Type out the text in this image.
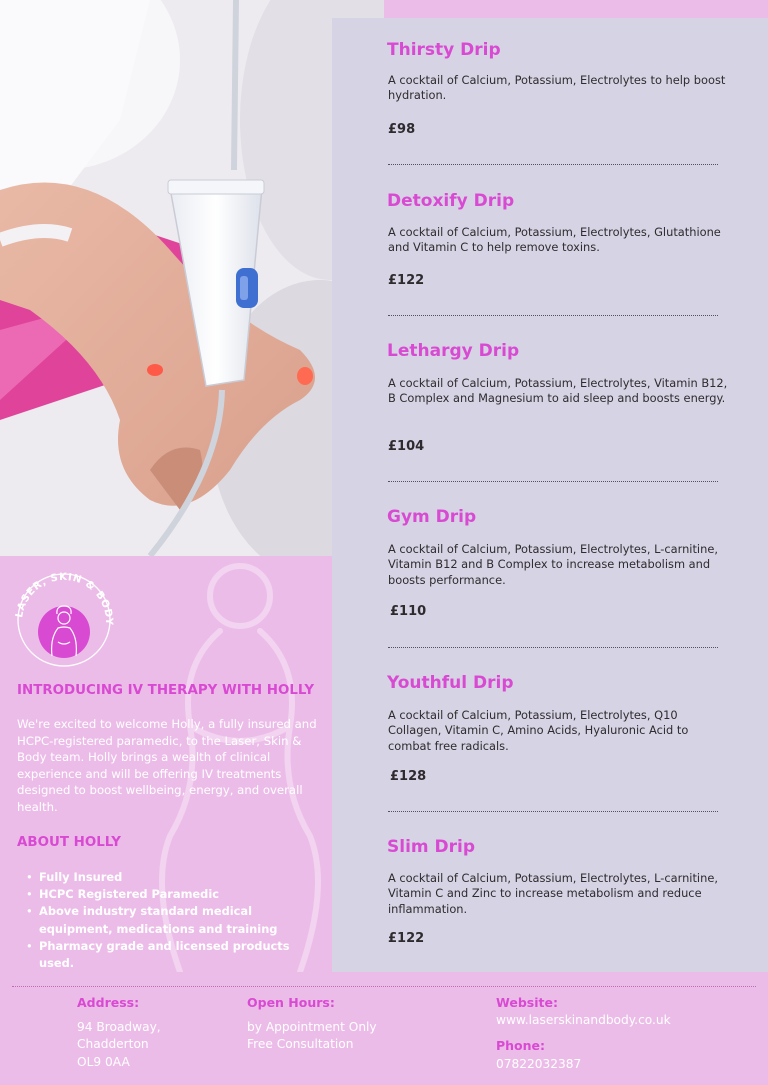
Thirsty Drip
A cocktail of Calcium, Potassium, Electrolytes to help boost hydration.
£98
Detoxify Drip
A cocktail of Calcium, Potassium, Electrolytes, Glutathione and Vitamin C to help remove toxins.
£122
Lethargy Drip
A cocktail of Calcium, Potassium, Electrolytes, Vitamin B12, B Complex and Magnesium to aid sleep and boosts energy.
£104
Gym Drip
A cocktail of Calcium, Potassium, Electrolytes, L-carnitine, Vitamin B12 and B Complex to increase metabolism and boosts performance.
£110
Youthful Drip
A cocktail of Calcium, Potassium, Electrolytes, Q10 Collagen, Vitamin C, Amino Acids, Hyaluronic Acid to combat free radicals.
£128
Slim Drip
A cocktail of Calcium, Potassium, Electrolytes, L-carnitine, Vitamin C and Zinc to increase metabolism and reduce inflammation.
£122
LASER, SKIN & BODY
INTRODUCING IV THERAPY WITH HOLLY
We're excited to welcome Holly, a fully insured and HCPC-registered paramedic, to the Laser, Skin & Body team. Holly brings a wealth of clinical experience and will be offering IV treatments designed to boost wellbeing, energy, and overall health.
ABOUT HOLLY
• Fully Insured
• HCPC Registered Paramedic
• Above industry standard medical equipment, medications and training
• Pharmacy grade and licensed products used.
Address:
94 Broadway,
Chadderton
OL9 0AA
Open Hours:
by Appointment Only
Free Consultation
Website:
www.laserskinandbody.co.uk
Phone:
07822032387
